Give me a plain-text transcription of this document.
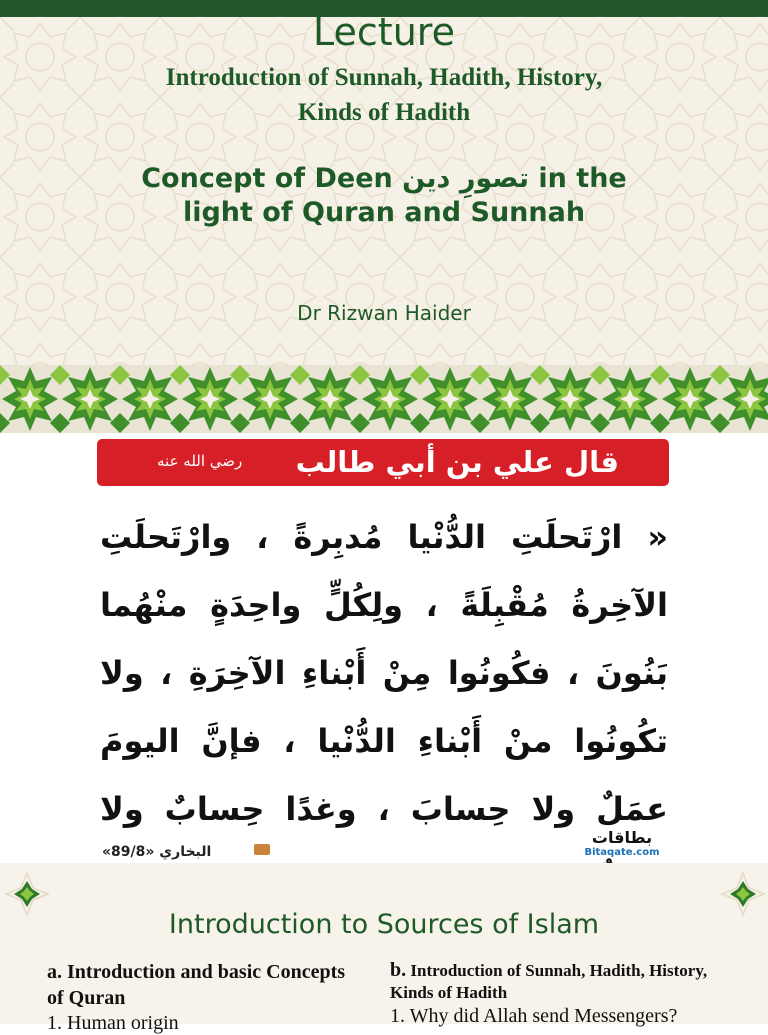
Lecture
Introduction of Sunnah, Hadith, History, Kinds of Hadith
Concept of Deen تصورِ دین in the light of Quran and Sunnah
Dr Rizwan Haider
قال علي بن أبي طالب
رضي الله عنه
« ارْتَحلَتِ الدُّنْيا مُدبِرةً ، وارْتَحلَتِ الآخِرةُ مُقْبِلَةً ، ولِكُلٍّ واحِدَةٍ منْهُما بَنُونَ ، فكُونُوا مِنْ أَبْناءِ الآخِرَةِ ، ولا تكُونُوا منْ أَبْناءِ الدُّنْيا ، فإنَّ اليومَ عمَلٌ ولا حِسابَ ، وغدًا حِسابٌ ولا
البخاري «89/8»
بطاقات
Bitaqate.com
Introduction to Sources of Islam
a. Introduction and basic Concepts of Quran
1. Human origin
b. Introduction of Sunnah, Hadith, History, Kinds of Hadith
1. Why did Allah send Messengers?
